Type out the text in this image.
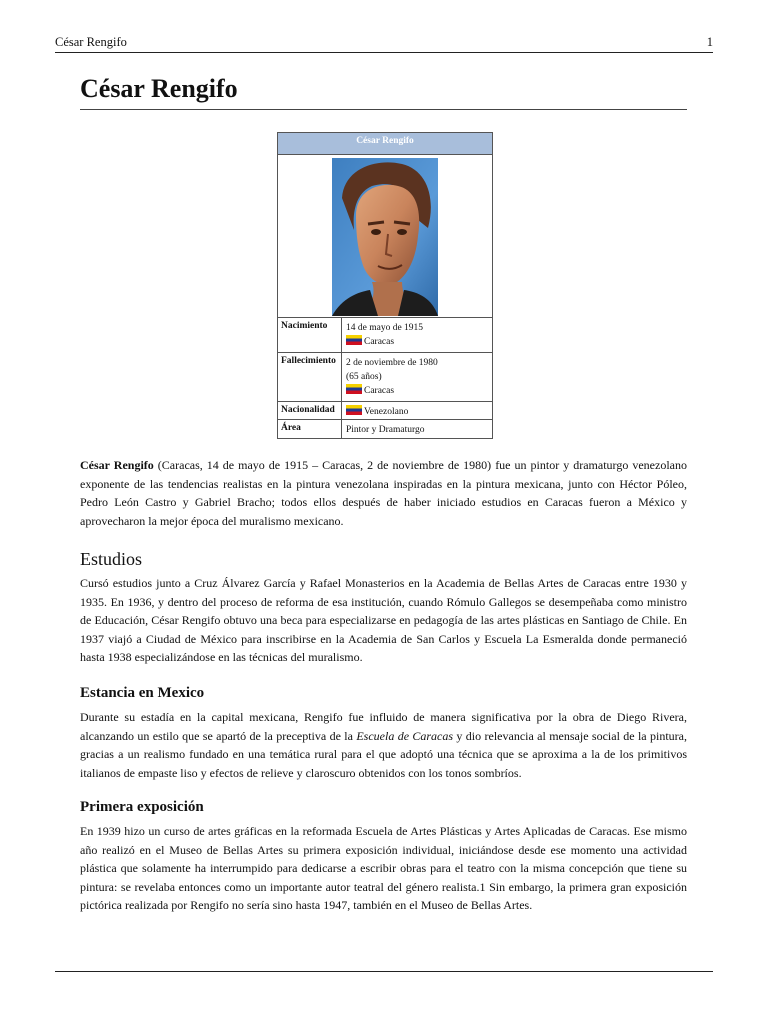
César Rengifo	1
César Rengifo
César Rengifo
Nacimiento	14 de mayo de 1915
Caracas
Fallecimiento	2 de noviembre de 1980
(65 años)
Caracas
Nacionalidad	Venezolano
Área	Pintor y Dramaturgo

César Rengifo (Caracas, 14 de mayo de 1915 – Caracas, 2 de noviembre de 1980) fue un pintor y dramaturgo venezolano exponente de las tendencias realistas en la pintura venezolana inspiradas en la pintura mexicana, junto con Héctor Póleo, Pedro León Castro y Gabriel Bracho; todos ellos después de haber iniciado estudios en Caracas fueron a México y aprovecharon la mejor época del muralismo mexicano.

Estudios

Cursó estudios junto a Cruz Álvarez García y Rafael Monasterios en la Academia de Bellas Artes de Caracas entre 1930 y 1935. En 1936, y dentro del proceso de reforma de esa institución, cuando Rómulo Gallegos se desempeñaba como ministro de Educación, César Rengifo obtuvo una beca para especializarse en pedagogía de las artes plásticas en Santiago de Chile. En 1937 viajó a Ciudad de México para inscribirse en la Academia de San Carlos y Escuela La Esmeralda donde permaneció hasta 1938 especializándose en las técnicas del muralismo.

Estancia en Mexico

Durante su estadía en la capital mexicana, Rengifo fue influido de manera significativa por la obra de Diego Rivera, alcanzando un estilo que se apartó de la preceptiva de la Escuela de Caracas y dio relevancia al mensaje social de la pintura, gracias a un realismo fundado en una temática rural para el que adoptó una técnica que se aproxima a la de los primitivos italianos de empaste liso y efectos de relieve y claroscuro obtenidos con los tonos sombríos.

Primera exposición

En 1939 hizo un curso de artes gráficas en la reformada Escuela de Artes Plásticas y Artes Aplicadas de Caracas. Ese mismo año realizó en el Museo de Bellas Artes su primera exposición individual, iniciándose desde ese momento una actividad plástica que solamente ha interrumpido para dedicarse a escribir obras para el teatro con la misma concepción que tiene su pintura: se revelaba entonces como un importante autor teatral del género realista.1 Sin embargo, la primera gran exposición pictórica realizada por Rengifo no sería sino hasta 1947, también en el Museo de Bellas Artes.
